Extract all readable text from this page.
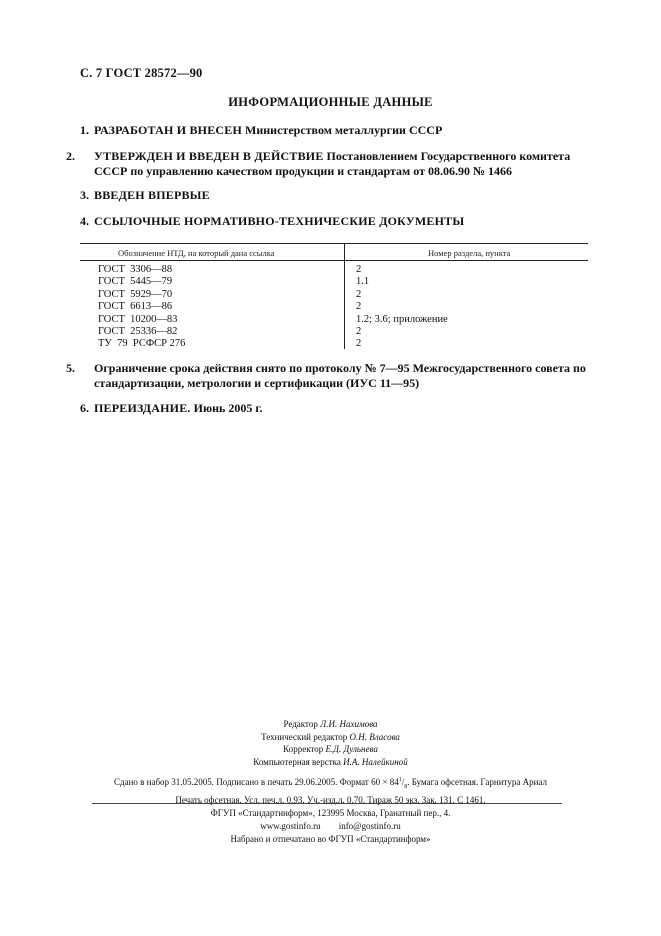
С. 7 ГОСТ 28572—90
ИНФОРМАЦИОННЫЕ ДАННЫЕ
1. РАЗРАБОТАН И ВНЕСЕН Министерством металлургии СССР
2. УТВЕРЖДЕН И ВВЕДЕН В ДЕЙСТВИЕ Постановлением Государственного комитета СССР по управлению качеством продукции и стандартам от 08.06.90 № 1466
3. ВВЕДЕН ВПЕРВЫЕ
4. ССЫЛОЧНЫЕ НОРМАТИВНО-ТЕХНИЧЕСКИЕ ДОКУМЕНТЫ
Обозначение НТД, на который дана ссылка	Номер раздела, пункта
ГОСТ  3306—88
ГОСТ  5445—79
ГОСТ  5929—70
ГОСТ  6613—86
ГОСТ  10200—83
ГОСТ  25336—82
ТУ  79  РСФСР 276
2
1.1
2
2
1.2; 3.6; приложение
2
2
5. Ограничение срока действия снято по протоколу № 7—95 Межгосударственного совета по стандартизации, метрологии и сертификации (ИУС 11—95)
6. ПЕРЕИЗДАНИЕ. Июнь 2005 г.
Редактор Л.И. Нахимова
Технический редактор О.Н. Власова
Корректор Е.Д. Дульнева
Компьютерная верстка И.А. Налейкиной
Сдано в набор 31.05.2005. Подписано в печать 29.06.2005. Формат $60 \times 84^1/_8$. Бумага офсетная. Гарнитура Ариал
Печать офсетная. Усл. печ.л. 0,93. Уч.-изд.л. 0,70. Тираж 50 экз. Зак. 131. С 1461.
ФГУП «Стандартинформ», 123995 Москва, Гранатный пер., 4.
www.gostinfo.ru info@gostinfo.ru
Набрано и отпечатано во ФГУП «Стандартинформ»
